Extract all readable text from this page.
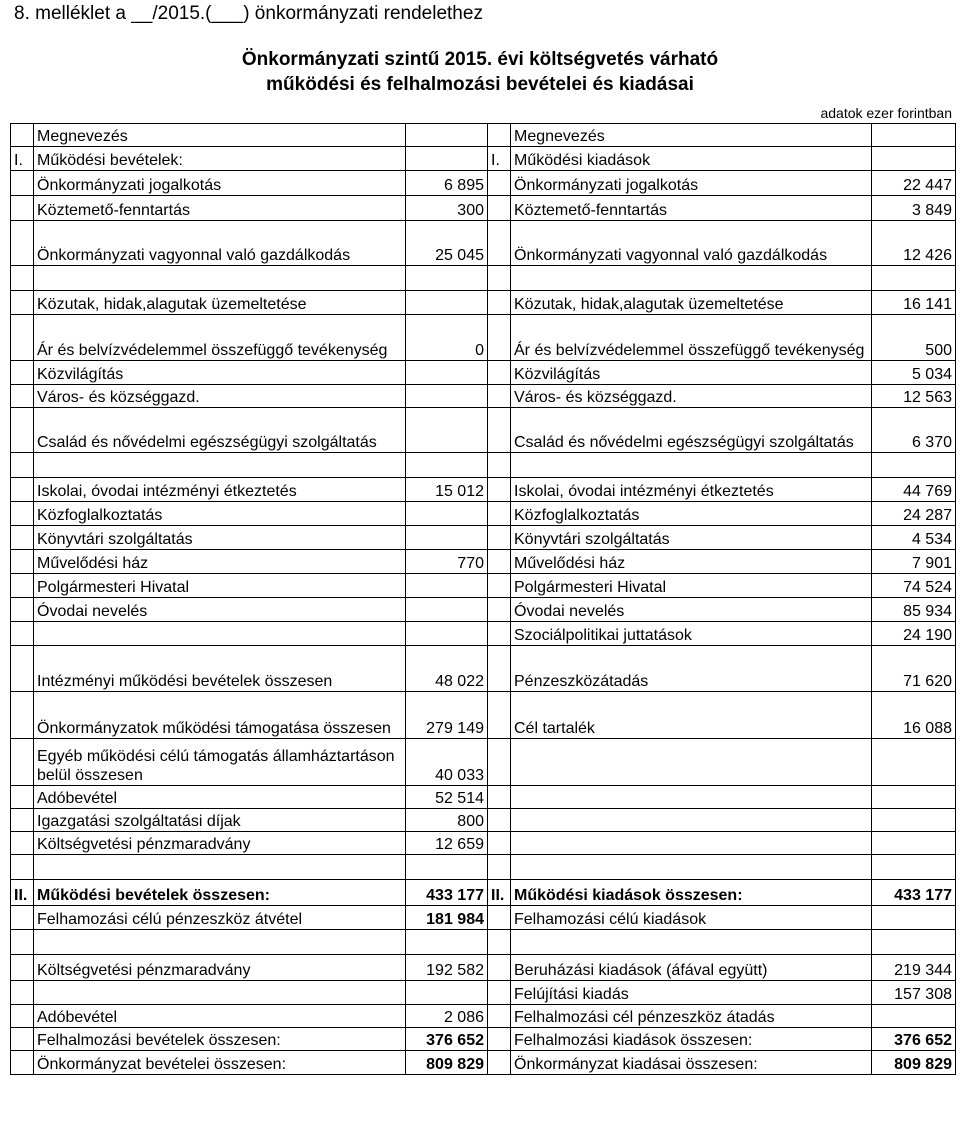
8. melléklet a __/2015.(___) önkormányzati rendelethez
Önkormányzati szintű 2015. évi költségvetés várható
működési és felhalmozási bevételei és kiadásai
adatok ezer forintban
	Megnevezés			Megnevezés	
I.	Működési bevételek:		I.	Működési kiadások	
	Önkormányzati jogalkotás	6 895		Önkormányzati jogalkotás	22 447
	Köztemető-fenntartás	300		Köztemető-fenntartás	3 849
	Önkormányzati vagyonnal való gazdálkodás	25 045		Önkormányzati vagyonnal való gazdálkodás	12 426

	Közutak, hidak,alagutak üzemeltetése			Közutak, hidak,alagutak üzemeltetése	16 141
	Ár és belvízvédelemmel összefüggő tevékenység	0		Ár és belvízvédelemmel összefüggő tevékenység	500
	Közvilágítás			Közvilágítás	5 034
	Város- és községgazd.			Város- és községgazd.	12 563
	Család és nővédelmi egészségügyi szolgáltatás			Család és nővédelmi egészségügyi szolgáltatás	6 370

	Iskolai, óvodai intézményi étkeztetés	15 012		Iskolai, óvodai intézményi étkeztetés	44 769
	Közfoglalkoztatás			Közfoglalkoztatás	24 287
	Könyvtári szolgáltatás			Könyvtári szolgáltatás	4 534
	Művelődési ház	770		Művelődési ház	7 901
	Polgármesteri Hivatal			Polgármesteri Hivatal	74 524
	Óvodai nevelés			Óvodai nevelés	85 934
				Szociálpolitikai juttatások	24 190
	Intézményi működési bevételek összesen	48 022		Pénzeszközátadás	71 620
	Önkormányzatok működési támogatása összesen	279 149		Cél tartalék	16 088
	Egyéb működési célú támogatás államháztartáson belül összesen	40 033			
	Adóbevétel	52 514			
	Igazgatási szolgáltatási díjak	800			
	Költségvetési pénzmaradvány	12 659			

II.	Működési bevételek összesen:	433 177	II.	Működési kiadások összesen:	433 177
	Felhamozási célú pénzeszköz átvétel	181 984		Felhamozási célú kiadások	

	Költségvetési pénzmaradvány	192 582		Beruházási kiadások (áfával együtt)	219 344
				Felújítási kiadás	157 308
	Adóbevétel	2 086		Felhalmozási cél pénzeszköz átadás	
	Felhalmozási bevételek összesen:	376 652		Felhalmozási kiadások összesen:	376 652
	Önkormányzat bevételei összesen:	809 829		Önkormányzat kiadásai összesen:	809 829
